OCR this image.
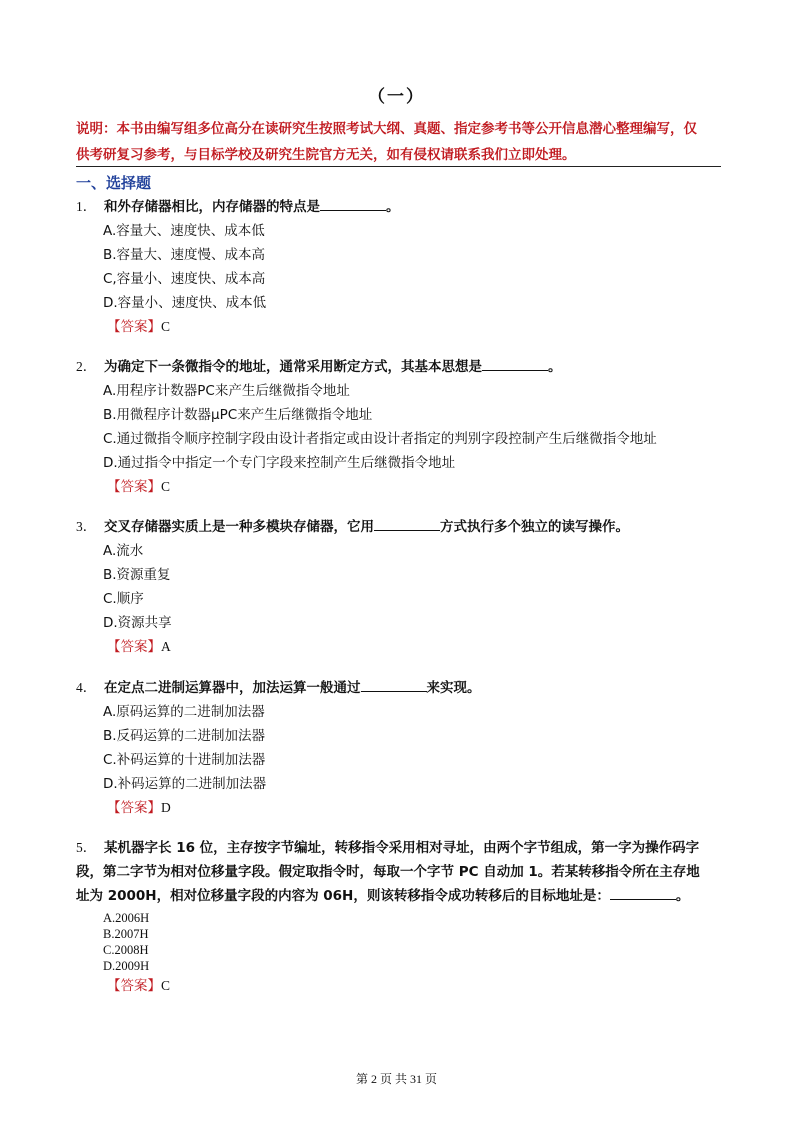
（一）
说明：本书由编写组多位高分在读研究生按照考试大纲、真题、指定参考书等公开信息潜心整理编写，仅
供考研复习参考，与目标学校及研究生院官方无关，如有侵权请联系我们立即处理。
一、选择题
1． 和外存储器相比，内存储器的特点是	。
A.容量大、速度快、成本低
B.容量大、速度慢、成本高
C,容量小、速度快、成本高
D.容量小、速度快、成本低
【答案】C
2． 为确定下一条微指令的地址，通常采用断定方式，其基本思想是	。
A.用程序计数器PC来产生后继微指令地址
B.用微程序计数器μPC来产生后继微指令地址
C.通过微指令顺序控制字段由设计者指定或由设计者指定的判别字段控制产生后继微指令地址
D.通过指令中指定一个专门字段来控制产生后继微指令地址
【答案】C
3． 交叉存储器实质上是一种多模块存储器，它用	方式执行多个独立的读写操作。
A.流水
B.资源重复
C.顺序
D.资源共享
【答案】A
4． 在定点二进制运算器中，加法运算一般通过	来实现。
A.原码运算的二进制加法器
B.反码运算的二进制加法器
C.补码运算的十进制加法器
D.补码运算的二进制加法器
【答案】D
5． 某机器字长 16 位，主存按字节编址，转移指令采用相对寻址，由两个字节组成，第一字为操作码字
段，第二字节为相对位移量字段。假定取指令时，每取一个字节 PC 自动加 1。若某转移指令所在主存地
址为 2000H，相对位移量字段的内容为 06H，则该转移指令成功转移后的目标地址是：	。
A.2006H
B.2007H
C.2008H
D.2009H
【答案】C
第 2 页 共 31 页
